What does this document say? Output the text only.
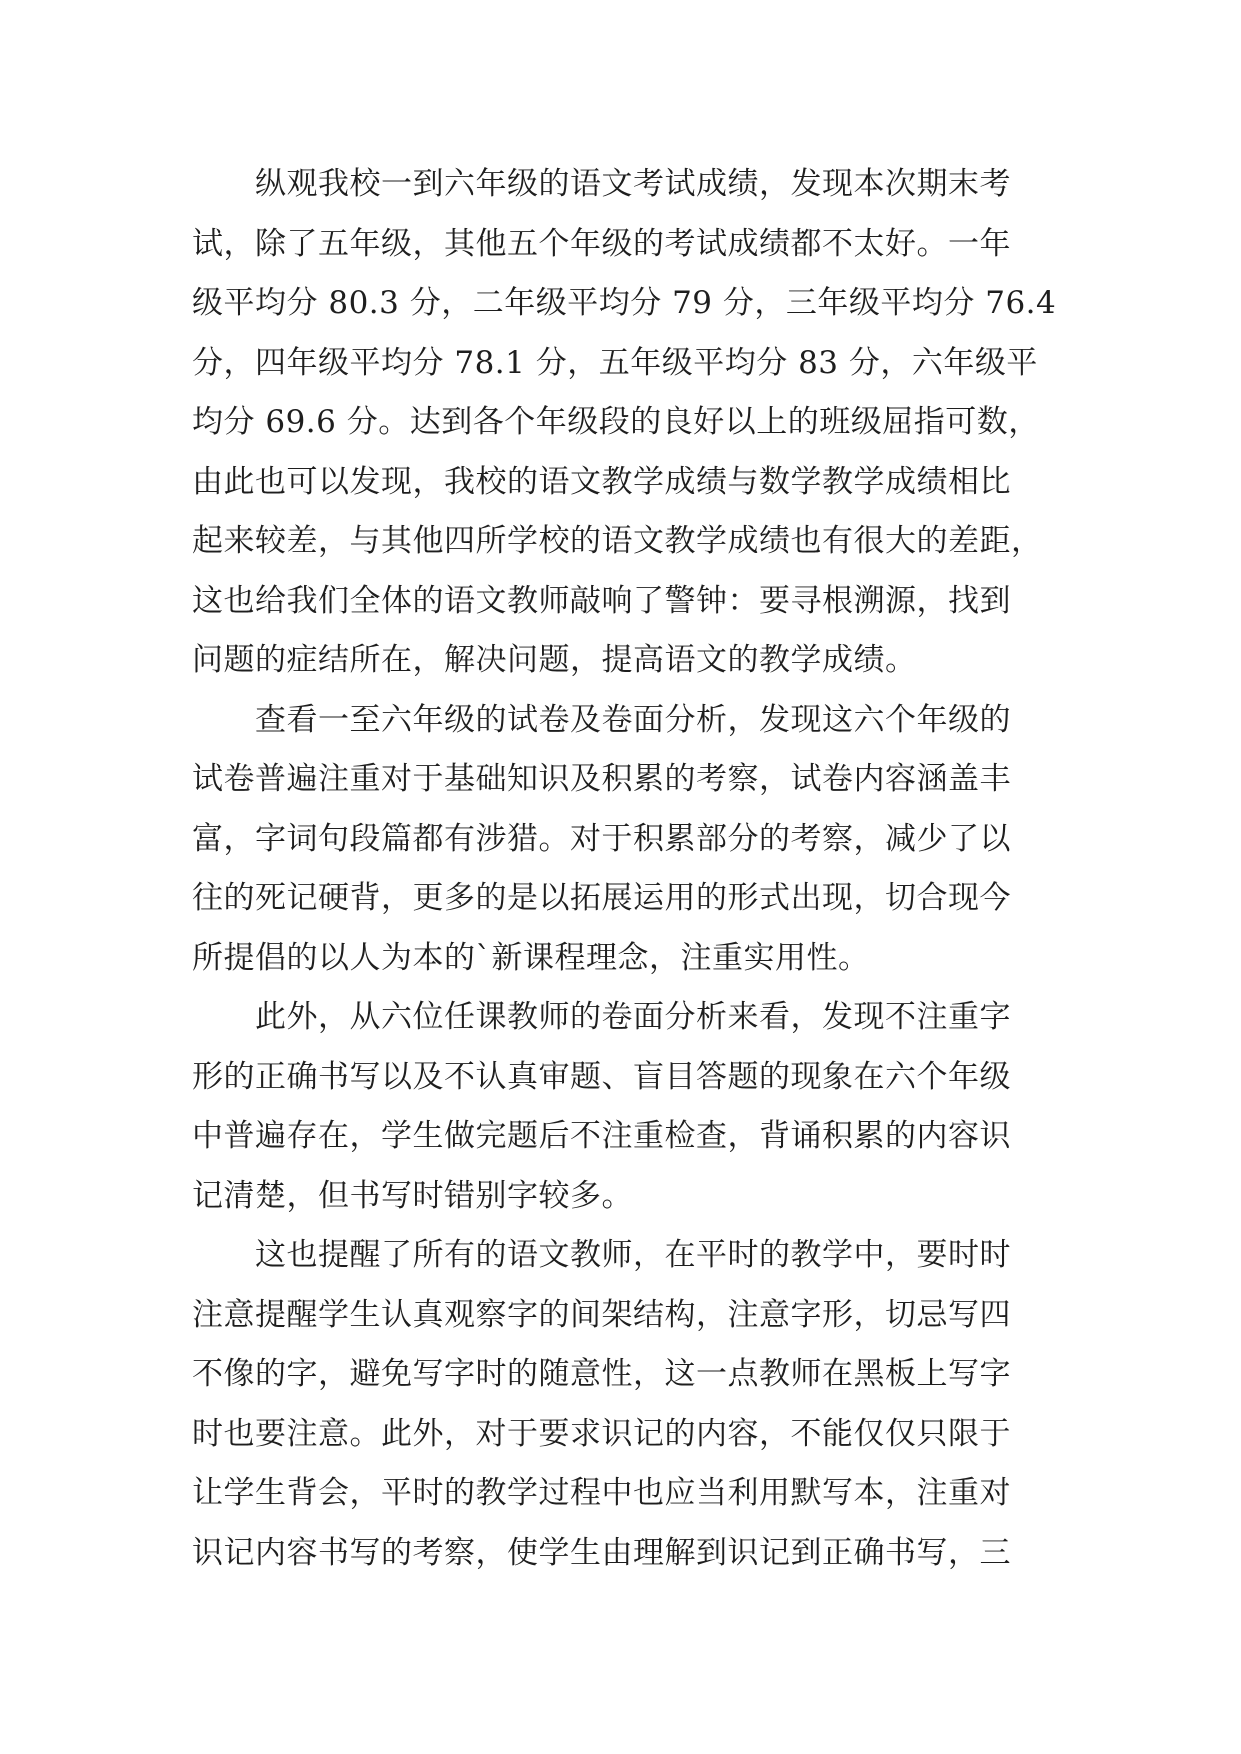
纵观我校一到六年级的语文考试成绩，发现本次期末考
试，除了五年级，其他五个年级的考试成绩都不太好。一年
级平均分 80.3 分，二年级平均分 79 分，三年级平均分 76.4
分，四年级平均分 78.1 分，五年级平均分 83 分，六年级平
均分 69.6 分。达到各个年级段的良好以上的班级屈指可数，
由此也可以发现，我校的语文教学成绩与数学教学成绩相比
起来较差，与其他四所学校的语文教学成绩也有很大的差距，
这也给我们全体的语文教师敲响了警钟：要寻根溯源，找到
问题的症结所在，解决问题，提高语文的教学成绩。
查看一至六年级的试卷及卷面分析，发现这六个年级的
试卷普遍注重对于基础知识及积累的考察，试卷内容涵盖丰
富，字词句段篇都有涉猎。对于积累部分的考察，减少了以
往的死记硬背，更多的是以拓展运用的形式出现，切合现今
所提倡的以人为本的`新课程理念，注重实用性。
此外，从六位任课教师的卷面分析来看，发现不注重字
形的正确书写以及不认真审题、盲目答题的现象在六个年级
中普遍存在，学生做完题后不注重检查，背诵积累的内容识
记清楚，但书写时错别字较多。
这也提醒了所有的语文教师，在平时的教学中，要时时
注意提醒学生认真观察字的间架结构，注意字形，切忌写四
不像的字，避免写字时的随意性，这一点教师在黑板上写字
时也要注意。此外，对于要求识记的内容，不能仅仅只限于
让学生背会，平时的教学过程中也应当利用默写本，注重对
识记内容书写的考察，使学生由理解到识记到正确书写，三
